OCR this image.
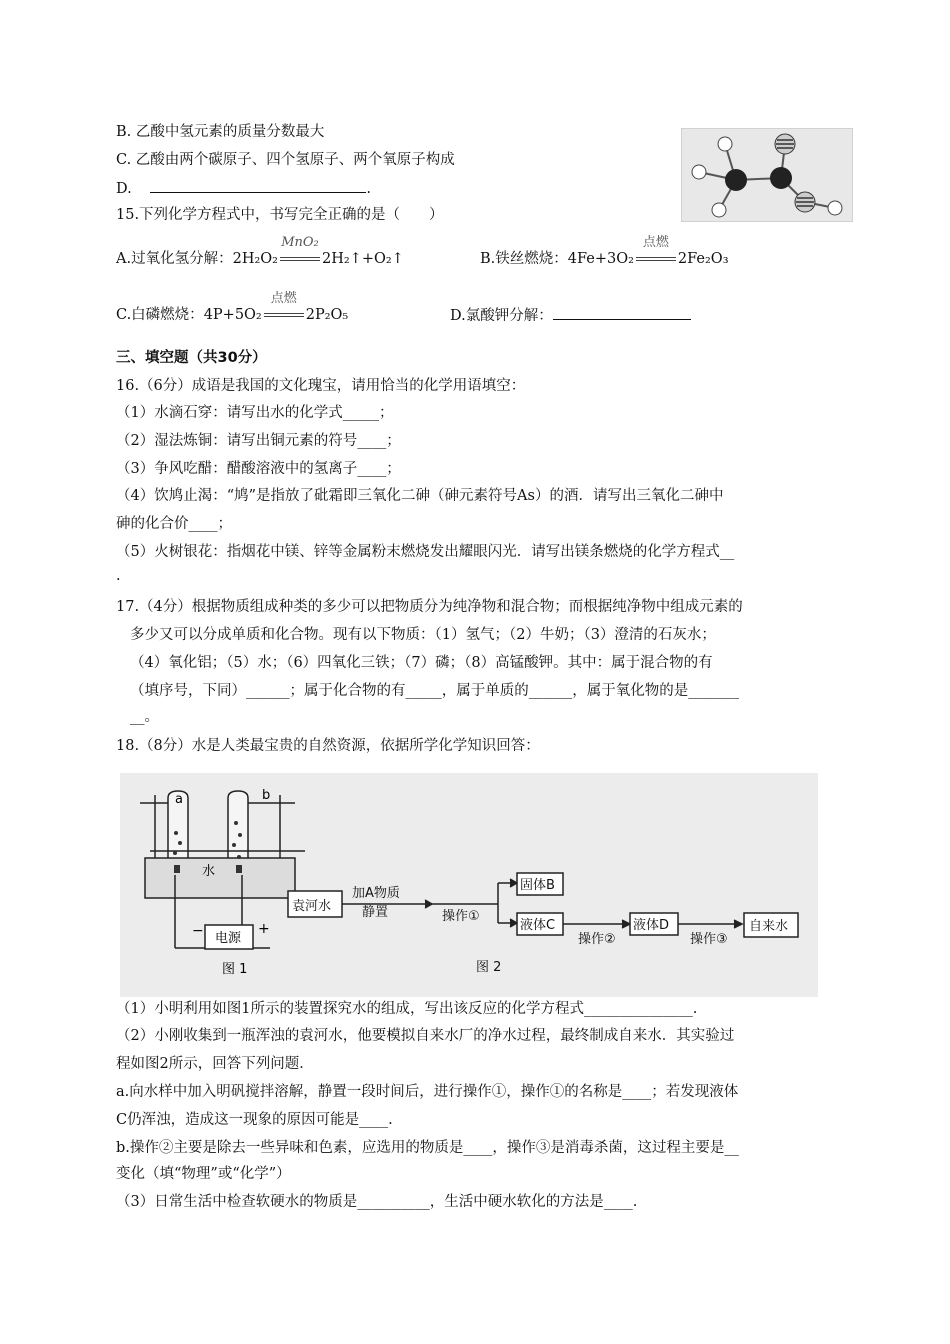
B. 乙酸中氢元素的质量分数最大
C. 乙酸由两个碳原子、四个氢原子、两个氧原子构成
D.	.
15.下列化学方程式中，书写完全正确的是（　　）
A.过氧化氢分解：2H₂O₂
MnO₂
2H₂↑+O₂↑	B.铁丝燃烧：4Fe+3O₂
点燃
2Fe₂O₃
C.白磷燃烧：4P+5O₂
点燃
2P₂O₅	D.氯酸钾分解：
三、填空题（共30分）
16.（6分）成语是我国的文化瑰宝，请用恰当的化学用语填空：
（1）水滴石穿：请写出水的化学式_____；
（2）湿法炼铜：请写出铜元素的符号____；
（3）争风吃醋：醋酸溶液中的氢离子____；
（4）饮鸠止渴：“鸠”是指放了砒霜即三氧化二砷（砷元素符号As）的酒．请写出三氧化二砷中
砷的化合价____；
（5）火树银花：指烟花中镁、锌等金属粉末燃烧发出耀眼闪光．请写出镁条燃烧的化学方程式__
.
17.（4分）根据物质组成种类的多少可以把物质分为纯净物和混合物；而根据纯净物中组成元素的
多少又可以分成单质和化合物。现有以下物质：（1）氢气；（2）牛奶；（3）澄清的石灰水；
（4）氧化铝；（5）水；（6）四氧化三铁；（7）磷；（8）高锰酸钾。其中：属于混合物的有
（填序号，下同）______；属于化合物的有_____，属于单质的______，属于氧化物的是_______
__。
18.（8分）水是人类最宝贵的自然资源，依据所学化学知识回答：
a	b
水
−	+
电源
图 1
袁河水
加A物质
静置	操作①
固体B
液体C
操作②
液体D
操作③
自来水
图 2
（1）小明利用如图1所示的装置探究水的组成，写出该反应的化学方程式_______________.
（2）小刚收集到一瓶浑浊的袁河水，他要模拟自来水厂的净水过程，最终制成自来水．其实验过
程如图2所示，回答下列问题．
a.向水样中加入明矾搅拌溶解，静置一段时间后，进行操作①，操作①的名称是____；若发现液体
C仍浑浊，造成这一现象的原因可能是____.
b.操作②主要是除去一些异味和色素，应选用的物质是____，操作③是消毒杀菌，这过程主要是__
变化（填“物理”或“化学”）
（3）日常生活中检查软硬水的物质是__________，生活中硬水软化的方法是____.
